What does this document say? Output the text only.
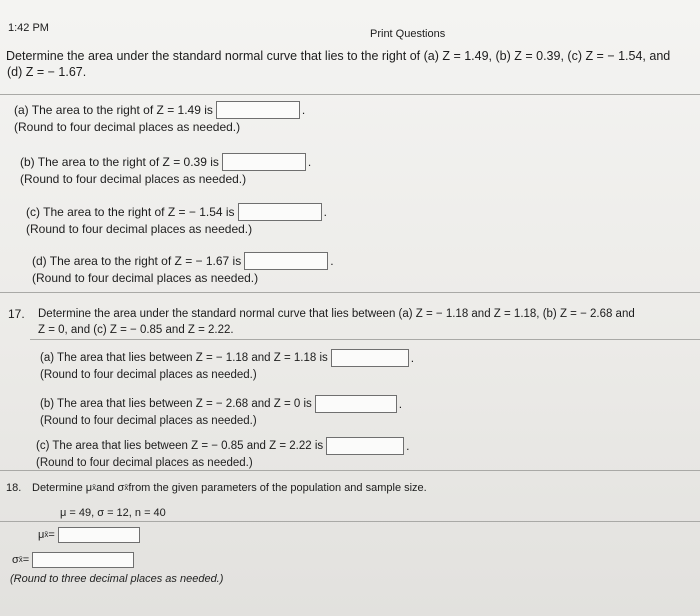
1:42 PM	Print Questions
Determine the area under the standard normal curve that lies to the right of (a) Z = 1.49, (b) Z = 0.39, (c) Z = − 1.54, and
(d) Z = − 1.67.
(a) The area to the right of Z = 1.49 is	.
(Round to four decimal places as needed.)
(b) The area to the right of Z = 0.39 is	.
(Round to four decimal places as needed.)
(c) The area to the right of Z = − 1.54 is	.
(Round to four decimal places as needed.)
(d) The area to the right of Z = − 1.67 is	.
(Round to four decimal places as needed.)
17.	Determine the area under the standard normal curve that lies between (a) Z = − 1.18 and Z = 1.18, (b) Z = − 2.68 and
Z = 0, and (c) Z = − 0.85 and Z = 2.22.
(a) The area that lies between Z = − 1.18 and Z = 1.18 is	.
(Round to four decimal places as needed.)
(b) The area that lies between Z = − 2.68 and Z = 0 is	.
(Round to four decimal places as needed.)
(c) The area that lies between Z = − 0.85 and Z = 2.22 is	.
(Round to four decimal places as needed.)
18. Determine μ x̄ and σ x̄ from the given parameters of the population and sample size.
μ = 49, σ = 12, n = 40
μ x̄ =
σ x̄ =
(Round to three decimal places as needed.)
